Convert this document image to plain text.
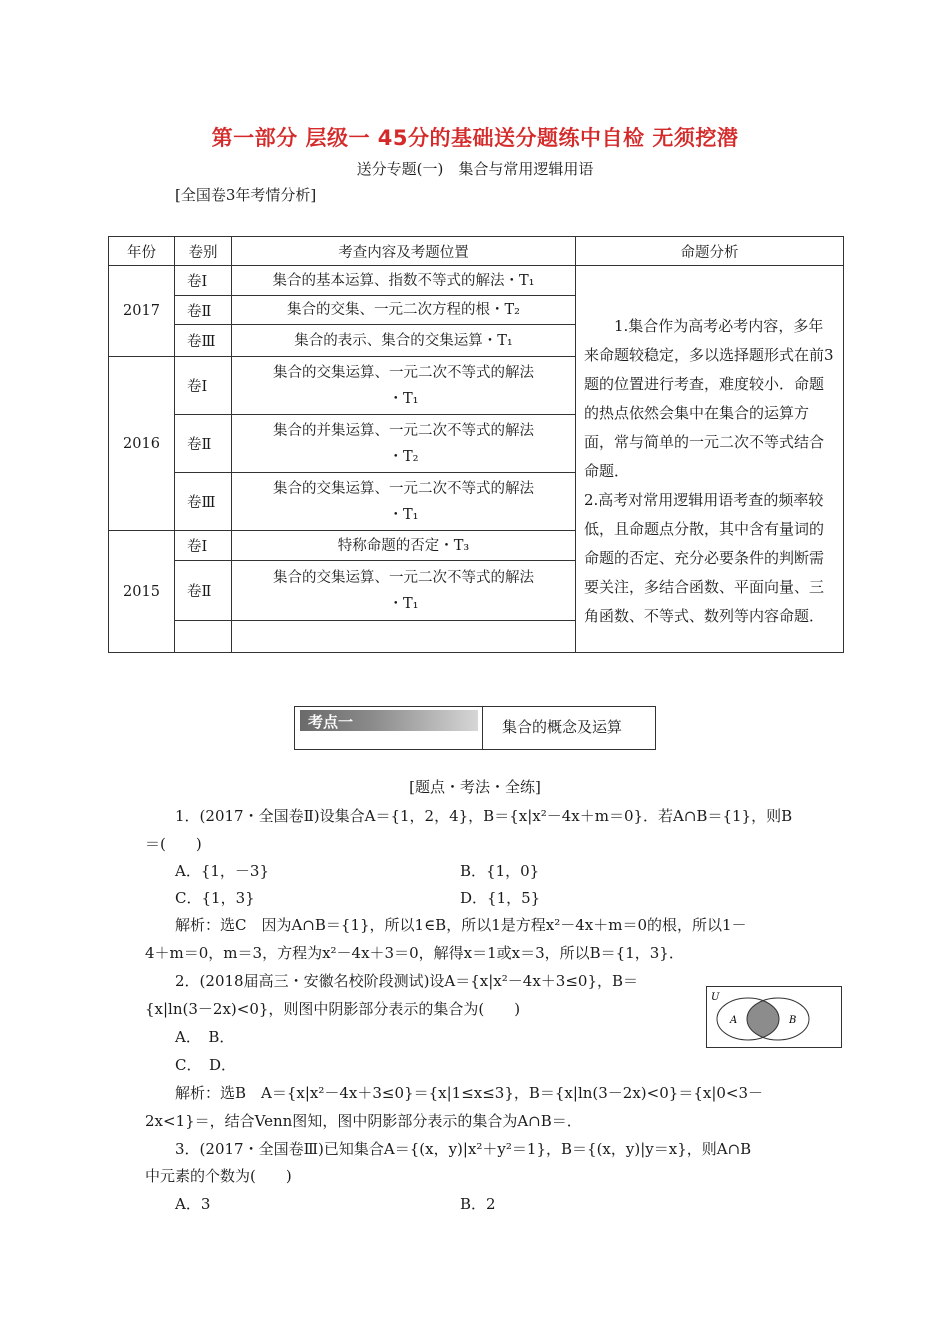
第一部分 层级一 45分的基础送分题练中自检 无须挖潜
送分专题(一)　集合与常用逻辑用语
[全国卷3年考情分析]
年份	卷别	考查内容及考题位置	命题分析
2017	卷Ⅰ	集合的基本运算、指数不等式的解法・T₁	1.集合作为高考必考内容，多年来命题较稳定，多以选择题形式在前3题的位置进行考查，难度较小．命题的热点依然会集中在集合的运算方面，常与简单的一元二次不等式结合命题．
2.高考对常用逻辑用语考查的频率较低，且命题点分散，其中含有量词的命题的否定、充分必要条件的判断需要关注，多结合函数、平面向量、三角函数、不等式、数列等内容命题．

	卷Ⅱ	集合的交集、一元二次方程的根・T₂	
	卷Ⅲ	集合的表示、集合的交集运算・T₁	
2016	卷Ⅰ	集合的交集运算、一元二次不等式的解法
・T₁	

	卷Ⅱ	集合的并集运算、一元二次不等式的解法
・T₂	

	卷Ⅲ	集合的交集运算、一元二次不等式的解法
・T₁	

2015	卷Ⅰ	特称命题的否定・T₃	
	卷Ⅱ	集合的交集运算、一元二次不等式的解法
・T₁	

考点一	集合的概念及运算
[题点・考法・全练]
1．(2017・全国卷Ⅱ)设集合A＝{1，2，4}，B＝{x|x²－4x＋m＝0}．若A∩B＝{1}，则B
＝(　　)
A．{1，－3}	B．{1，0}
C．{1，3}	D．{1，5}
解析：选C　因为A∩B＝{1}，所以1∈B，所以1是方程x²－4x＋m＝0的根，所以1－
4＋m＝0，m＝3，方程为x²－4x＋3＝0，解得x＝1或x＝3，所以B＝{1，3}．
2．(2018届高三・安徽名校阶段测试)设A＝{x|x²－4x＋3≤0}，B＝
{x|ln(3－2x)<0}，则图中阴影部分表示的集合为(　　)
A．　B．
C．　D．
解析：选B　A＝{x|x²－4x＋3≤0}＝{x|1≤x≤3}，B＝{x|ln(3－2x)<0}＝{x|0<3－
2x<1}＝，结合Venn图知，图中阴影部分表示的集合为A∩B＝．
3．(2017・全国卷Ⅲ)已知集合A＝{(x，y)|x²＋y²＝1}，B＝{(x，y)|y＝x}，则A∩B
中元素的个数为(　　)
A．3	B．2
U
A	B
